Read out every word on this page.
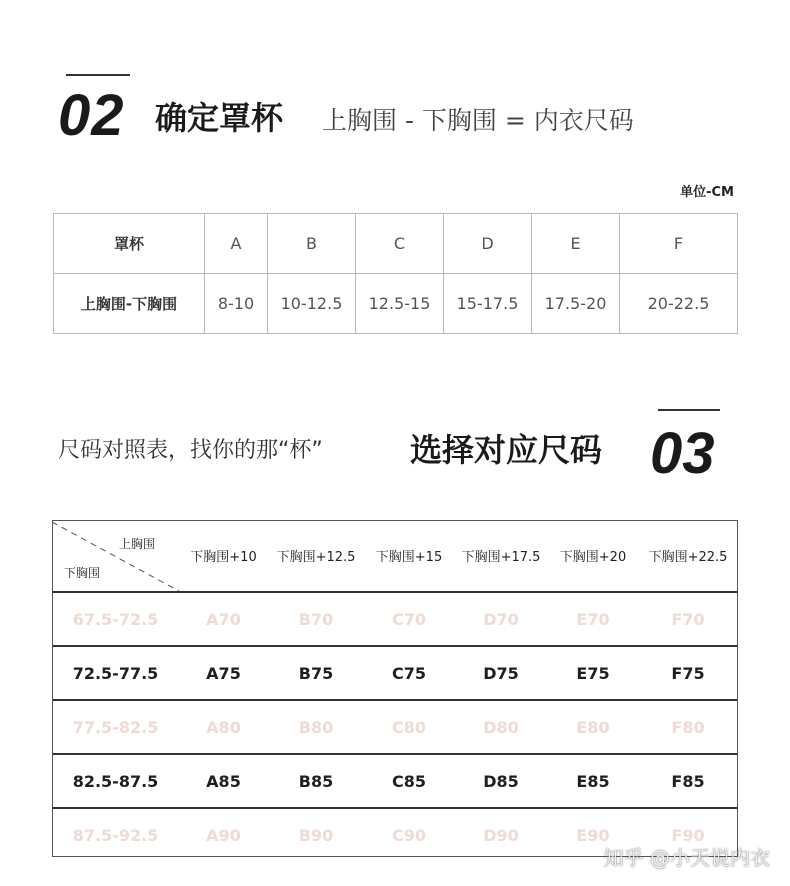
02 确定罩杯 上胸围 - 下胸围 = 内衣尺码
单位-CM
罩杯	A	B	C	D	E	F
上胸围-下胸围	8-10	10-12.5	12.5-15	15-17.5	17.5-20	20-22.5
尺码对照表，找你的那“杯”	选择对应尺码 03
上胸围
下胸围	下胸围+10	下胸围+12.5	下胸围+15	下胸围+17.5	下胸围+20	下胸围+22.5
67.5-72.5	A70	B70	C70	D70	E70	F70
72.5-77.5	A75	B75	C75	D75	E75	F75
77.5-82.5	A80	B80	C80	D80	E80	F80
82.5-87.5	A85	B85	C85	D85	E85	F85
87.5-92.5	A90	B90	C90	D90	E90	F90
知乎 @小天说内衣
